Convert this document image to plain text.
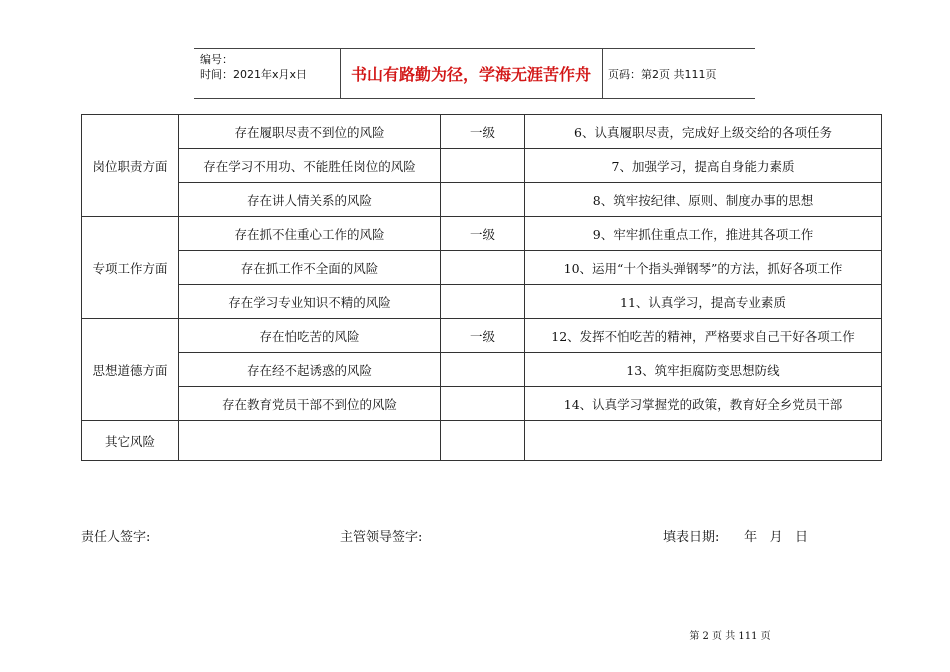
编号：
时间：2021年x月x日	书山有路勤为径，学海无涯苦作舟	页码：第2页 共111页
岗位职责方面	存在履职尽责不到位的风险	一级	6、认真履职尽责，完成好上级交给的各项任务
	存在学习不用功、不能胜任岗位的风险		7、加强学习，提高自身能力素质
	存在讲人情关系的风险		8、筑牢按纪律、原则、制度办事的思想
专项工作方面	存在抓不住重心工作的风险	一级	9、牢牢抓住重点工作，推进其各项工作
	存在抓工作不全面的风险		10、运用“十个指头弹钢琴”的方法，抓好各项工作
	存在学习专业知识不精的风险		11、认真学习，提高专业素质
思想道德方面	存在怕吃苦的风险	一级	12、发挥不怕吃苦的精神，严格要求自己干好各项工作
	存在经不起诱惑的风险		13、筑牢拒腐防变思想防线
	存在教育党员干部不到位的风险		14、认真学习掌握党的政策，教育好全乡党员干部
其它风险			
责任人签字:	主管领导签字:	填表日期:      年   月   日
第 2 页 共 111 页
